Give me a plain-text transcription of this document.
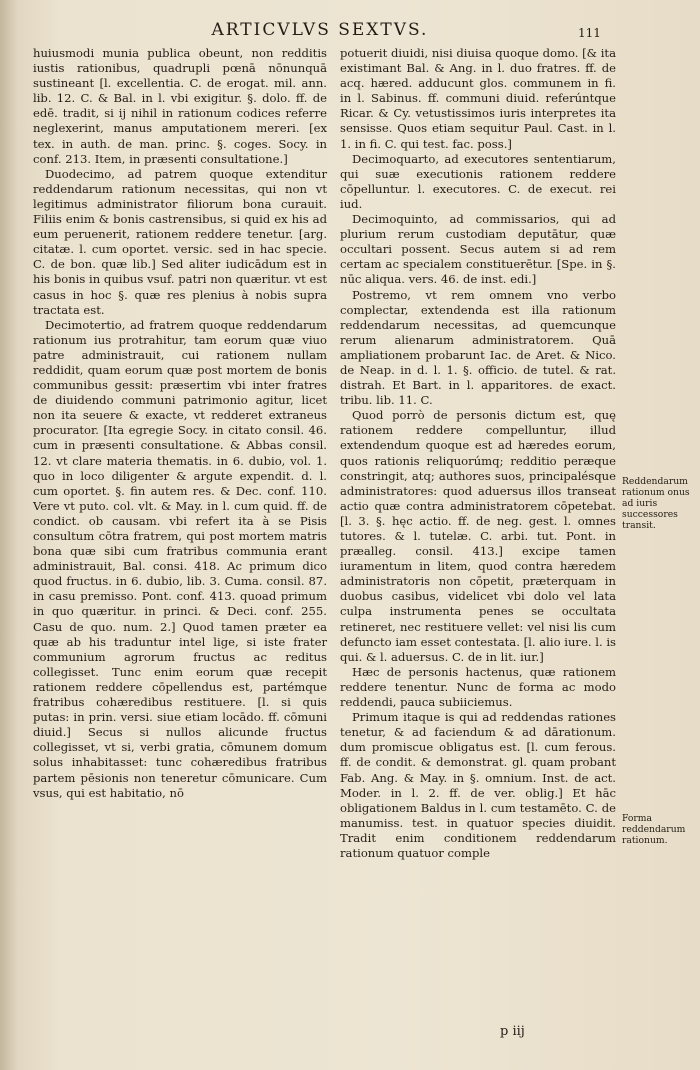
ARTICVLVS SEXTVS.	111

huiusmodi munia publica obeunt, non redditis iustis rationibus, quadrupli pœnā nōnunquā sustineant [l. excellentia. C. de erogat. mil. ann. lib. 12. C. & Bal. in l. vbi exigitur. §. dolo. ff. de edē. tradit, si ij nihil in rationum codices referre neglexerint, manus amputationem mereri. [ex tex. in auth. de man. princ. §. coges. Socy. in conf. 213. Item, in præsenti consultatione.]

Duodecimo, ad patrem quoque extenditur reddendarum rationum necessitas, qui non vt legitimus administrator filiorum bona curauit. Filiis enim & bonis castrensibus, si quid ex his ad eum peruenerit, rationem reddere tenetur. [arg. citatæ. l. cum oportet. versic. sed in hac specie. C. de bon. quæ lib.] Sed aliter iudicādum est in his bonis in quibus vsuf. patri non quæritur. vt est casus in hoc §. quæ res plenius à nobis supra tractata est.

Decimotertio, ad fratrem quoque reddendarum rationum ius protrahitur, tam eorum quæ viuo patre administrauit, cui rationem nullam reddidit, quam eorum quæ post mortem de bonis communibus gessit: præsertim vbi inter fratres de diuidendo communi patrimonio agitur, licet non ita seuere & exacte, vt redderet extraneus procurator. [Ita egregie Socy. in citato consil. 46. cum in præsenti consultatione. & Abbas consil. 12. vt clare materia thematis. in 6. dubio, vol. 1. quo in loco diligenter & argute expendit. d. l. cum oportet. §. fin autem res. & Dec. conf. 110. Vere vt puto. col. vlt. & May. in l. cum quid. ff. de condict. ob causam. vbi refert ita à se Pisis consultum cōtra fratrem, qui post mortem matris bona quæ sibi cum fratribus communia erant administrauit, Bal. consi. 418. Ac primum dico quod fructus. in 6. dubio, lib. 3. Cuma. consil. 87. in casu premisso. Pont. conf. 413. quoad primum in quo quæritur. in princi. & Deci. conf. 255. Casu de quo. num. 2.] Quod tamen præter ea quæ ab his traduntur intel lige, si iste frater communium agrorum fructus ac reditus collegisset. Tunc enim eorum quæ recepit rationem reddere cōpellendus est, partémque fratribus cohæredibus restituere. [l. si quis putas: in prin. versi. siue etiam locādo. ff. cōmuni diuid.] Secus si nullos alicunde fructus collegisset, vt si, verbi gratia, cōmunem domum solus inhabitasset: tunc cohæredibus fratribus partem pēsionis non teneretur cōmunicare. Cum vsus, qui est habitatio, nō

potuerit diuidi, nisi diuisa quoque domo. [& ita existimant Bal. & Ang. in l. duo fratres. ff. de acq. hæred. adducunt glos. communem in fi. in l. Sabinus. ff. communi diuid. referúntque Ricar. & Cy. vetustissimos iuris interpretes ita sensisse. Quos etiam sequitur Paul. Cast. in l. 1. in fi. C. qui test. fac. poss.]

Decimoquarto, ad executores sententiarum, qui suæ executionis rationem reddere cōpelluntur. l. executores. C. de execut. rei iud.

Decimoquinto, ad commissarios, qui ad plurium rerum custodiam deputātur, quæ occultari possent. Secus autem si ad rem certam ac specialem constituerētur. [Spe. in §. nūc aliqua. vers. 46. de inst. edi.]

Postremo, vt rem omnem vno verbo complectar, extendenda est illa rationum reddendarum necessitas, ad quemcunque rerum alienarum administratorem. Quā ampliationem probarunt Iac. de Aret. & Nico. de Neap. in d. l. 1. §. officio. de tutel. & rat. distrah. Et Bart. in l. apparitores. de exact. tribu. lib. 11. C.

Quod porrò de personis dictum est, quę rationem reddere compelluntur, illud extendendum quoque est ad hæredes eorum, quos rationis reliquorúmq; redditio peræque constringit, atq; authores suos, principalésque administratores: quod aduersus illos transeat actio quæ contra administratorem cōpetebat. [l. 3. §. hęc actio. ff. de neg. gest. l. omnes tutores. & l. tutelæ. C. arbi. tut. Pont. in præalleg. consil. 413.] excipe tamen iuramentum in litem, quod contra hæredem administratoris non cōpetit, præterquam in duobus casibus, videlicet vbi dolo vel lata culpa instrumenta penes se occultata retineret, nec restituere vellet: vel nisi lis cum defuncto iam esset contestata. [l. alio iure. l. is qui. & l. aduersus. C. de in lit. iur.]

Hæc de personis hactenus, quæ rationem reddere tenentur. Nunc de forma ac modo reddendi, pauca subiiciemus.

Primum itaque is qui ad reddendas rationes tenetur, & ad faciendum & ad dārationum. dum promiscue obligatus est. [l. cum ferous. ff. de condit. & demonstrat. gl. quam probant Fab. Ang. & May. in §. omnium. Inst. de act. Moder. in l. 2. ff. de ver. oblig.] Et hāc obligationem Baldus in l. cum testamēto. C. de manumiss. test. in quatuor species diuidit. Tradit enim conditionem reddendarum rationum quatuor comple

Reddendarum rationum onus ad iuris successores transit.
Forma reddendarum rationum.
p iij
